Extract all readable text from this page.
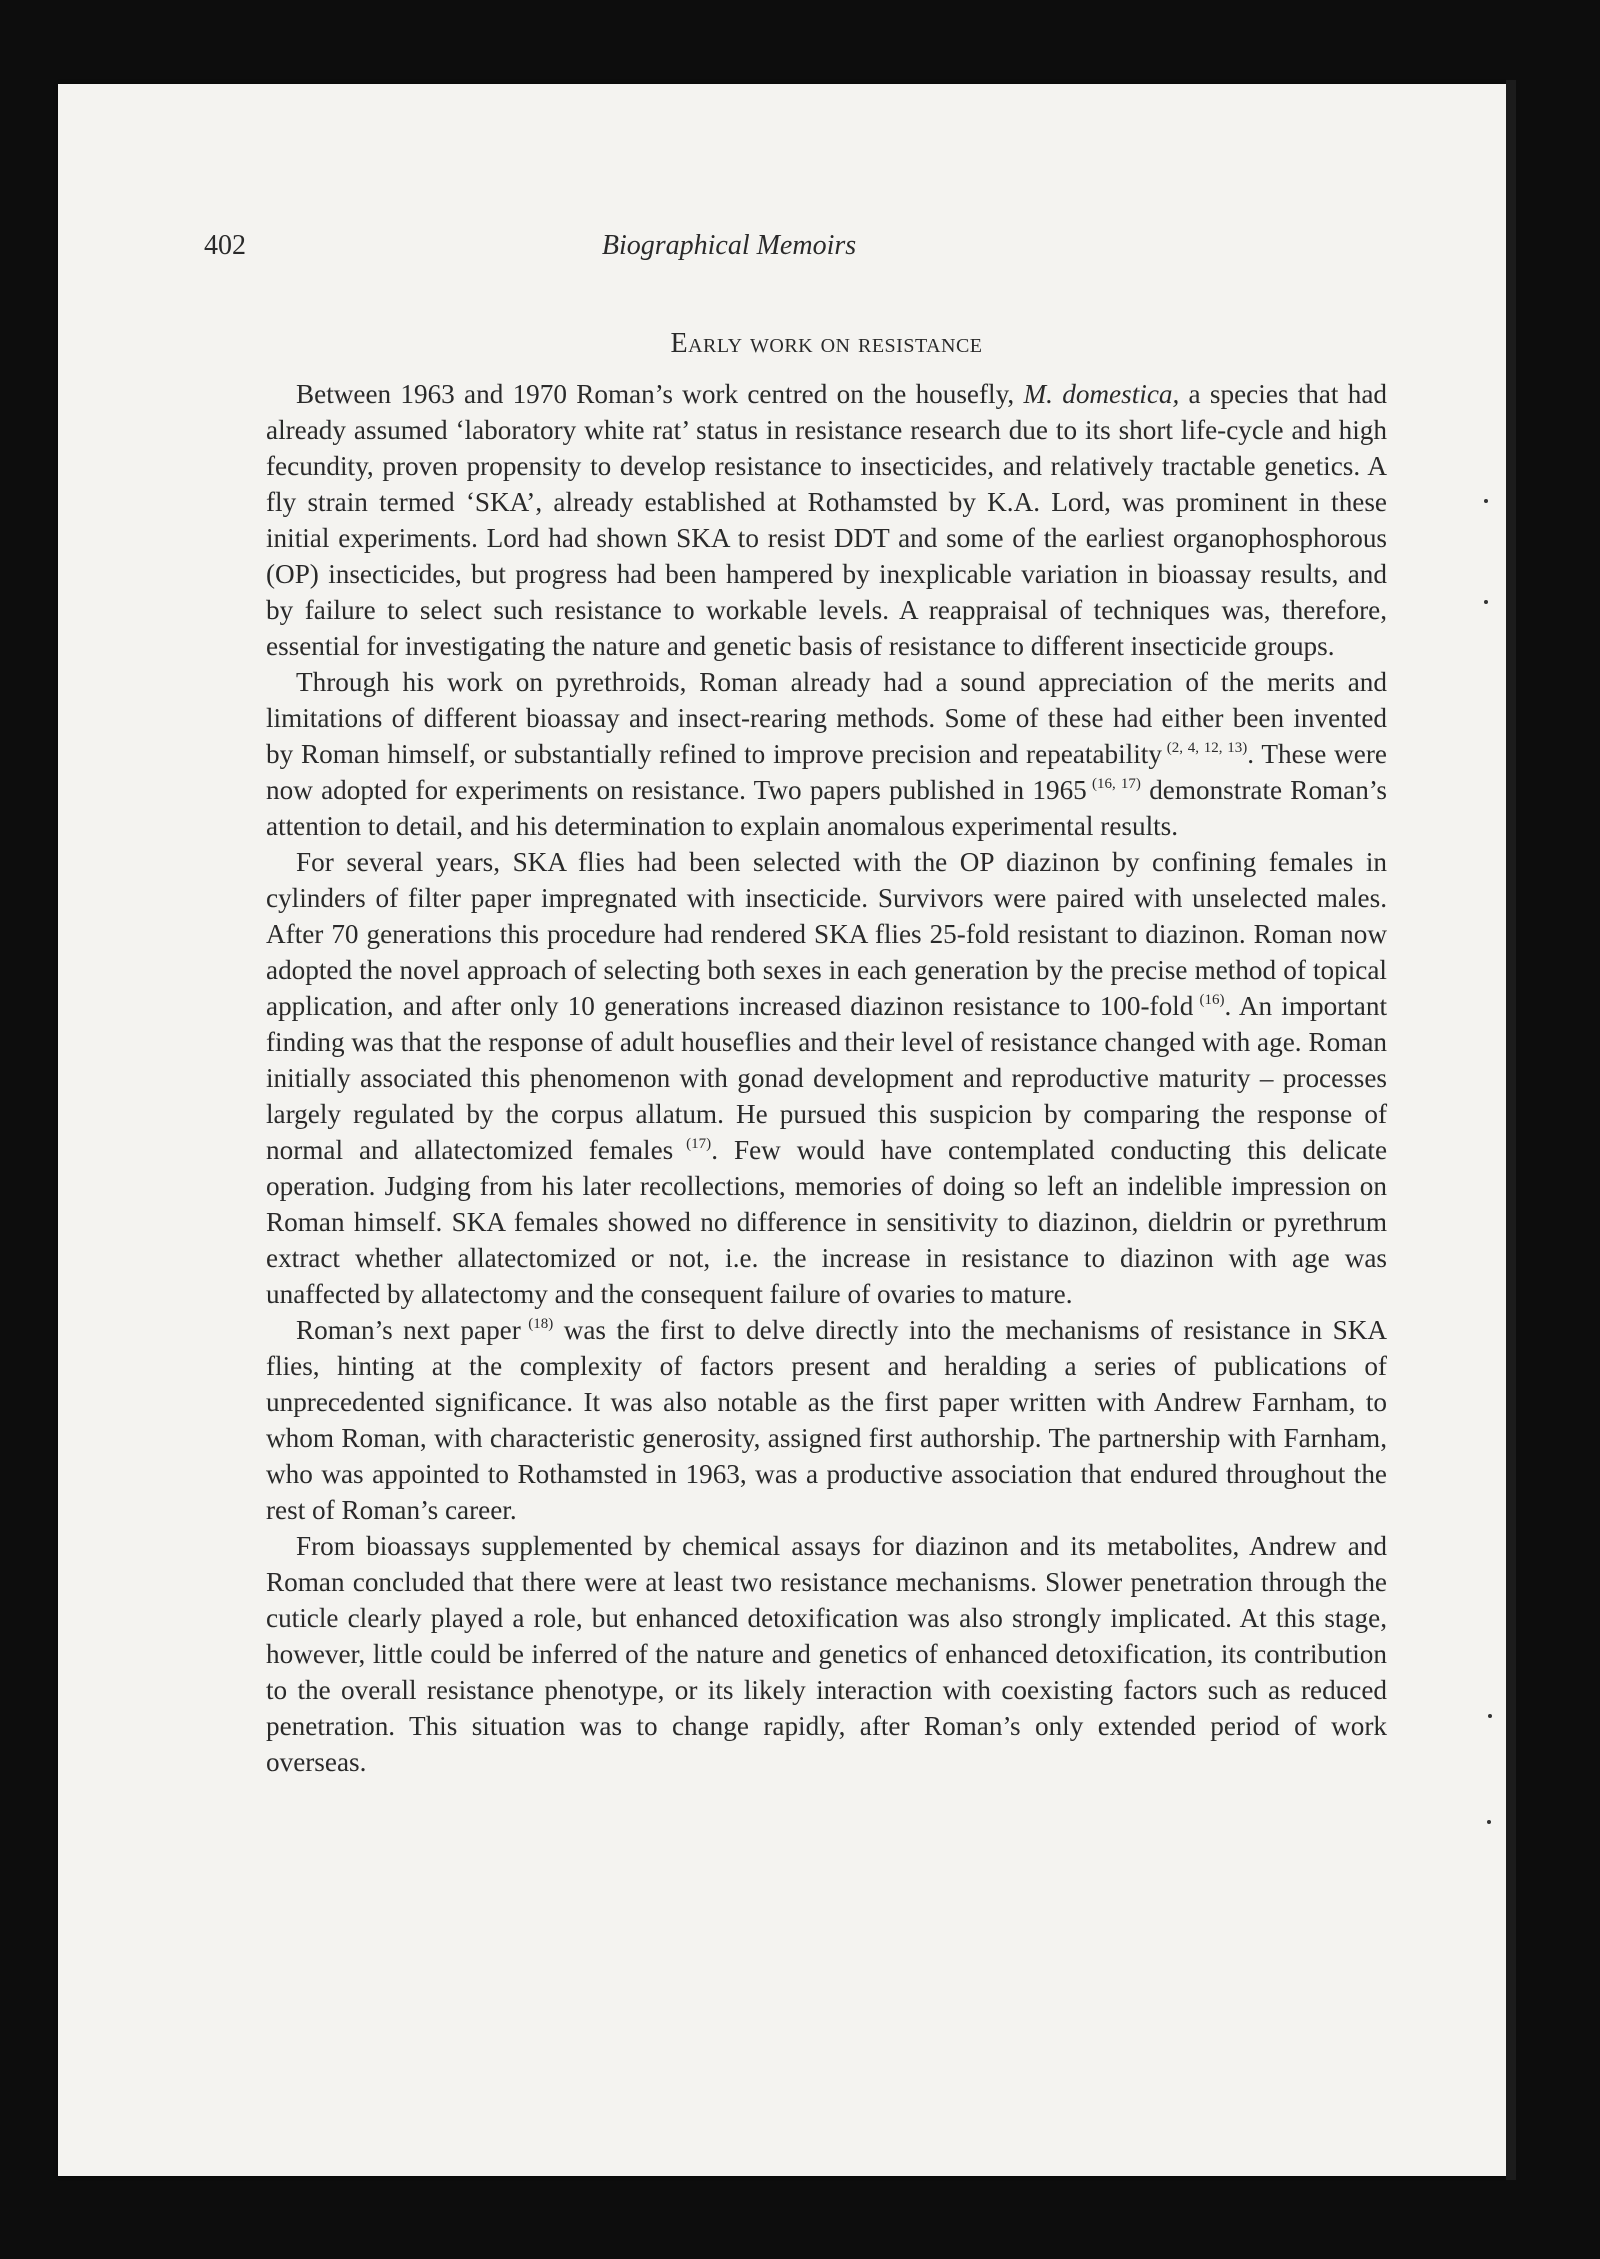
402	Biographical Memoirs
Early work on resistance

Between 1963 and 1970 Roman’s work centred on the housefly, M. domestica, a species that had already assumed ‘laboratory white rat’ status in resistance research due to its short life-cycle and high fecundity, proven propensity to develop resistance to insecticides, and relatively tractable genetics. A fly strain termed ‘SKA’, already established at Rothamsted by K.A. Lord, was prominent in these initial experiments. Lord had shown SKA to resist DDT and some of the earliest organophosphorous (OP) insecticides, but progress had been hampered by inexplicable variation in bioassay results, and by failure to select such resistance to workable levels. A reappraisal of techniques was, therefore, essential for investigating the nature and genetic basis of resistance to different insecticide groups.

Through his work on pyrethroids, Roman already had a sound appreciation of the merits and limitations of different bioassay and insect-rearing methods. Some of these had either been invented by Roman himself, or substantially refined to improve precision and repeatability $^{(2, 4, 12, 13)}$. These were now adopted for experiments on resistance. Two papers published in 1965 $^{(16, 17)}$ demonstrate Roman’s attention to detail, and his determination to explain anomalous experimental results.

For several years, SKA flies had been selected with the OP diazinon by confining females in cylinders of filter paper impregnated with insecticide. Survivors were paired with unselected males. After 70 generations this procedure had rendered SKA flies 25-fold resistant to diazinon. Roman now adopted the novel approach of selecting both sexes in each generation by the precise method of topical application, and after only 10 generations increased diazinon resistance to 100-fold $^{(16)}$. An important finding was that the response of adult houseflies and their level of resistance changed with age. Roman initially associated this phenomenon with gonad development and reproductive maturity – processes largely regulated by the corpus allatum. He pursued this suspicion by comparing the response of normal and allatectomized females $^{(17)}$. Few would have contemplated conducting this delicate operation. Judging from his later recollections, memories of doing so left an indelible impression on Roman himself. SKA females showed no difference in sensitivity to diazinon, dieldrin or pyrethrum extract whether allatectomized or not, i.e. the increase in resistance to diazinon with age was unaffected by allatectomy and the consequent failure of ovaries to mature.

Roman’s next paper $^{(18)}$ was the first to delve directly into the mechanisms of resistance in SKA flies, hinting at the complexity of factors present and heralding a series of publications of unprecedented significance. It was also notable as the first paper written with Andrew Farnham, to whom Roman, with characteristic generosity, assigned first authorship. The partnership with Farnham, who was appointed to Rothamsted in 1963, was a productive association that endured throughout the rest of Roman’s career.

From bioassays supplemented by chemical assays for diazinon and its metabolites, Andrew and Roman concluded that there were at least two resistance mechanisms. Slower penetration through the cuticle clearly played a role, but enhanced detoxification was also strongly implicated. At this stage, however, little could be inferred of the nature and genetics of enhanced detoxification, its contribution to the overall resistance phenotype, or its likely interaction with coexisting factors such as reduced penetration. This situation was to change rapidly, after Roman’s only extended period of work overseas.
